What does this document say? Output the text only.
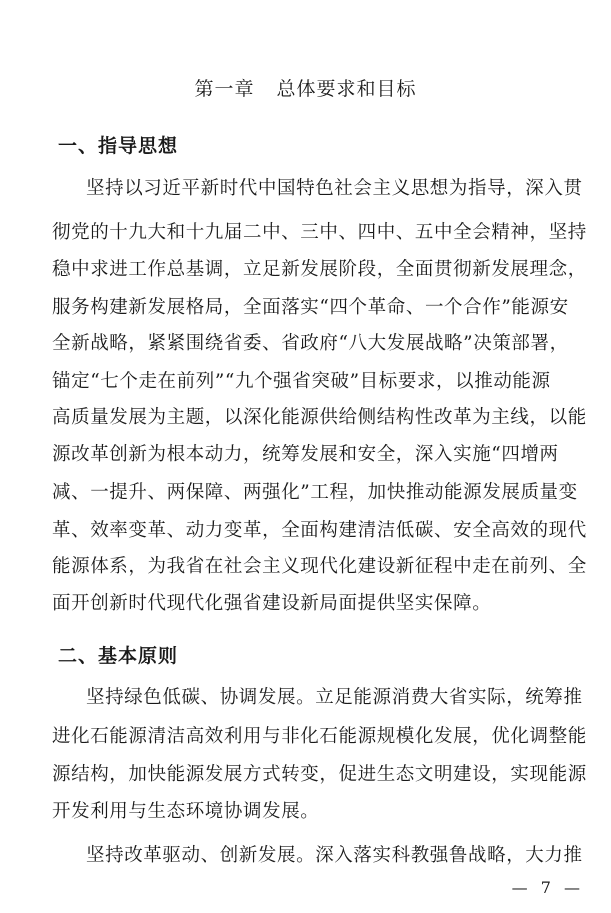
第一章 总体要求和目标
一、指导思想

坚持以习近平新时代中国特色社会主义思想为指导，深入贯

彻党的十九大和十九届二中、三中、四中、五中全会精神，坚持

稳中求进工作总基调，立足新发展阶段，全面贯彻新发展理念，

服务构建新发展格局，全面落实“四个革命、一个合作”能源安

全新战略，紧紧围绕省委、省政府“八大发展战略”决策部署，

锚定“七个走在前列”“九个强省突破”目标要求，以推动能源

高质量发展为主题，以深化能源供给侧结构性改革为主线，以能

源改革创新为根本动力，统筹发展和安全，深入实施“四增两

减、一提升、两保障、两强化”工程，加快推动能源发展质量变

革、效率变革、动力变革，全面构建清洁低碳、安全高效的现代

能源体系，为我省在社会主义现代化建设新征程中走在前列、全

面开创新时代现代化强省建设新局面提供坚实保障。

二、基本原则

坚持绿色低碳、协调发展。立足能源消费大省实际，统筹推

进化石能源清洁高效利用与非化石能源规模化发展，优化调整能

源结构，加快能源发展方式转变，促进生态文明建设，实现能源

开发利用与生态环境协调发展。

坚持改革驱动、创新发展。深入落实科教强鲁战略，大力推

— 7 —
